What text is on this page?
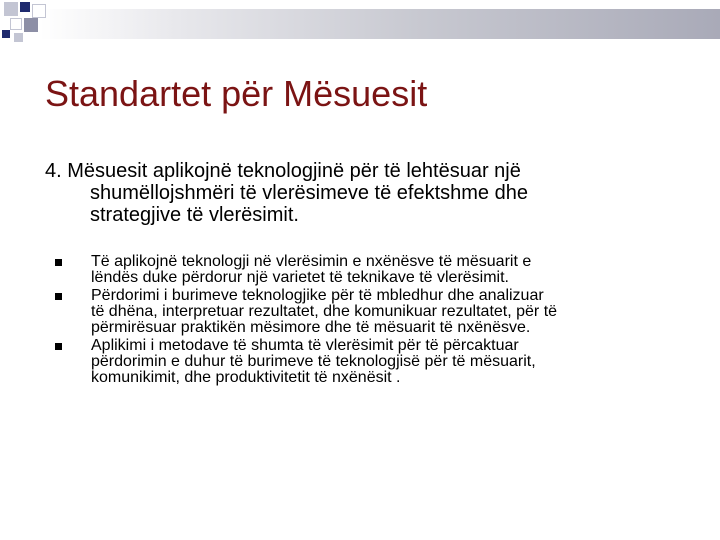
Standartet për Mësuesit
4. Mësuesit aplikojnë teknologjinë për të lehtësuar një
shumëllojshmëri të vlerësimeve të efektshme dhe
strategjive të vlerësimit.
Të aplikojnë teknologji në vlerësimin e nxënësve të mësuarit e
lëndës duke përdorur një varietet të teknikave të vlerësimit.
Përdorimi i burimeve teknologjike për të mbledhur dhe analizuar
të dhëna, interpretuar rezultatet, dhe komunikuar rezultatet, për të
përmirësuar praktikën mësimore dhe të mësuarit të nxënësve.
Aplikimi i metodave të shumta të vlerësimit për të përcaktuar
përdorimin e duhur të burimeve të teknologjisë për të mësuarit,
komunikimit, dhe produktivitetit të nxënësit .
